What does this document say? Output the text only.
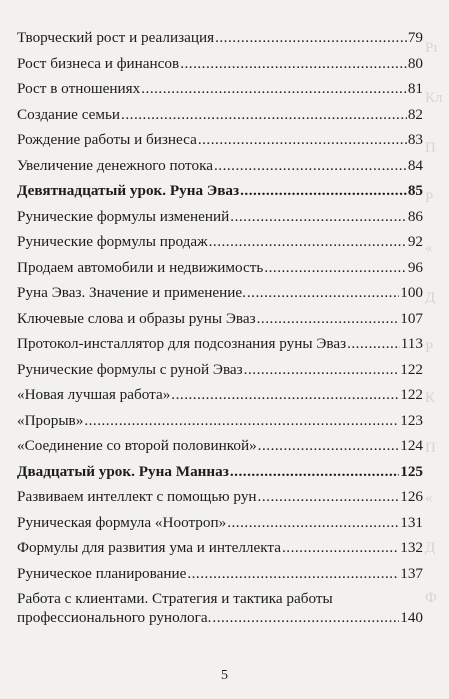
Рı
Кл
П
Р
«
Д
Р
К
П
«
Д
Ф
Творческий рост и реализация .....	79
Рост бизнеса и финансов .....	80
Рост в отношениях .....	81
Создание семьи .....	82
Рождение работы и бизнеса .....	83
Увеличение денежного потока .....	84
Девятнадцатый урок. Руна Эваз .....	85
Рунические формулы изменений .....	86
Рунические формулы продаж .....	92
Продаем автомобили и недвижимость .....	96
Руна Эваз. Значение и применение. .....	100
Ключевые слова и образы руны Эваз .....	107
Протокол-инсталлятор для подсознания руны Эваз .....	113
Рунические формулы с руной Эваз .....	122
«Новая лучшая работа» .....	122
«Прорыв» .....	123
«Соединение со второй половинкой» .....	124
Двадцатый урок. Руна Манназ .....	125
Развиваем интеллект с помощью рун .....	126
Руническая формула «Ноотроп» .....	131
Формулы для развития ума и интеллекта .....	132
Руническое планирование .....	137
Работа с клиентами. Стратегия и тактика работы
профессионального рунолога. .....	140
5
